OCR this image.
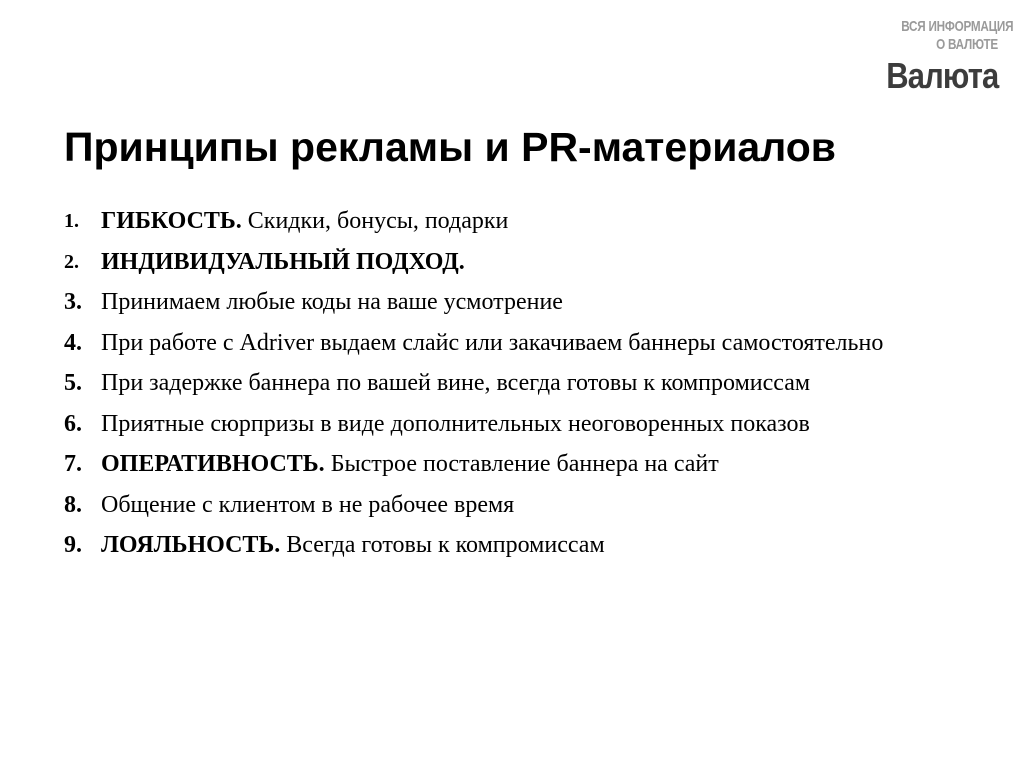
ВСЯ ИНФОРМАЦИЯ
О ВАЛЮТЕ
Валюта
Принципы рекламы и PR-материалов
1. ГИБКОСТЬ. Скидки, бонусы, подарки
2. ИНДИВИДУАЛЬНЫЙ ПОДХОД.
3. Принимаем любые коды на ваше усмотрение
4. При работе с Adriver выдаем слайс или закачиваем баннеры самостоятельно
5. При задержке баннера по вашей вине, всегда готовы к компромиссам
6. Приятные сюрпризы в виде дополнительных неоговоренных показов
7. ОПЕРАТИВНОСТЬ. Быстрое поставление баннера на сайт
8. Общение с клиентом в не рабочее время
9. ЛОЯЛЬНОСТЬ. Всегда готовы к компромиссам
